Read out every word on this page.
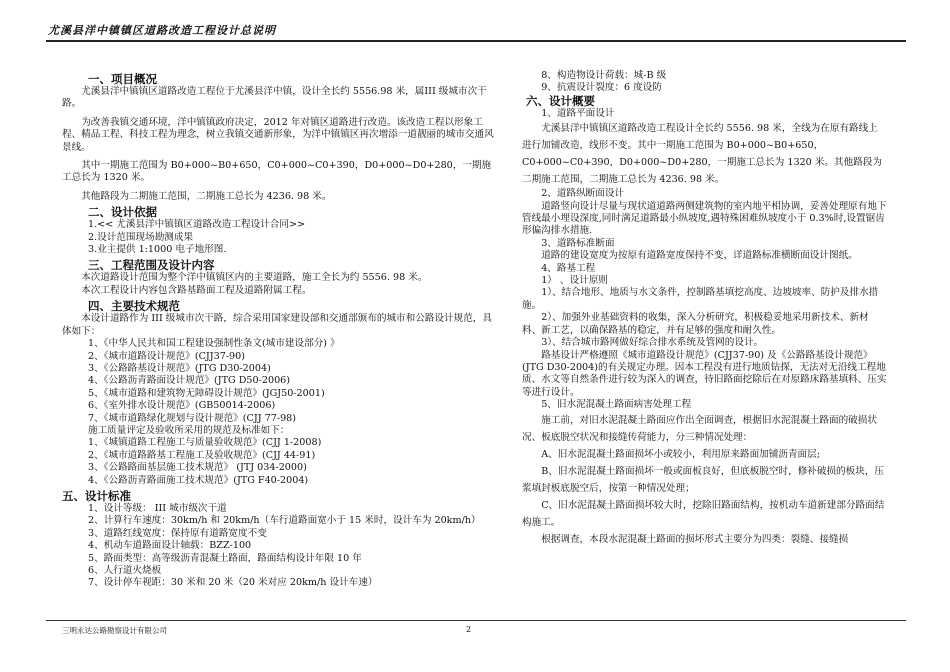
尤溪县洋中镇镇区道路改造工程设计总说明
一、项目概况

尤溪县洋中镇镇区道路改造工程位于尤溪县洋中镇，设计全长约 5556.98 米，属III 级城市次干路。

为改善我镇交通环境，洋中镇镇政府决定，2012 年对镇区道路进行改造。该改造工程以形象工程、精品工程、科技工程为理念，树立我镇交通新形象，为洋中镇镇区再次增添一道靓丽的城市交通风景线。

其中一期施工范围为 B0+000~B0+650，C0+000~C0+390，D0+000~D0+280，一期施工总长为 1320 米。

其他路段为二期施工范围，二期施工总长为 4236. 98 米。

二、设计依据

1.<< 尤溪县洋中镇镇区道路改造工程设计合同>>

2.设计范围现场勘测成果

3.业主提供 1:1000 电子地形图.

三、工程范围及设计内容

本次道路设计范围为整个洋中镇镇区内的主要道路，施工全长为约 5556. 98 米。

本次工程设计内容包含路基路面工程及道路附属工程。

四、主要技术规范

本设计道路作为 III 级城市次干路，综合采用国家建设部和交通部颁布的城市和公路设计规范，具体如下：

1、《中华人民共和国工程建设强制性条文(城市建设部分) 》

2、《城市道路设计规范》(CJJ37-90)

3、《公路路基设计规范》(JTG D30-2004)

4、《公路沥青路面设计规范》(JTG D50-2006)

5、《城市道路和建筑物无障碍设计规范》(JGJ50-2001)

6、《室外排水设计规范》(GB50014-2006)

7、《城市道路绿化规划与设计规范》(CJJ 77-98)

施工质量评定及验收所采用的规范及标准如下：

1、《城镇道路工程施工与质量验收规范》(CJJ 1-2008)

2、《城市道路路基工程施工及验收规范》(CJJ 44-91)

3、《公路路面基层施工技术规范》 (JTJ 034-2000)

4、《公路沥青路面施工技术规范》(JTG F40-2004)

五、设计标准

1、设计等级： III 城市级次干道

2、计算行车速度：30km/h 和 20km/h（车行道路面宽小于 15 米时，设计车为 20km/h）

3、道路红线宽度：保持原有道路宽度不变

4、机动车道路面设计轴载：BZZ-100

5、路面类型：高等级沥青混凝土路面，路面结构设计年限 10 年

6、人行道火烧板

7、设计停车视距：30 米和 20 米（20 米对应 20km/h 设计车速）

8、构造物设计荷载：城-B 级

9、抗震设计裂度：6 度设防

六、设计概要

1、道路平面设计

尤溪县洋中镇镇区道路改造工程设计全长约 5556. 98 米，全线为在原有路线上进行加铺改造，线形不变。其中一期施工范围为 B0+000~B0+650，C0+000~C0+390，D0+000~D0+280，一期施工总长为 1320 米。其他路段为二期施工范围，二期施工总长为 4236. 98 米。

2、道路纵断面设计

道路竖向设计尽量与现状道道路两侧建筑物的室内地平相协调，妥善处理原有地下管线最小埋设深度,同时满足道路最小纵坡度,遇特殊困难纵坡度小于 0.3%时,设置锯齿形偏沟排水措施.

3、道路标准断面

道路的建设宽度为按原有道路宽度保持不变，详道路标准横断面设计图纸。

4、路基工程

1） 、设计原则

1）、结合地形、地质与水文条件，控制路基填挖高度、边坡坡率、防护及排水措施。

2）、加强外业基础资料的收集，深入分析研究，积极稳妥地采用新技术、新材料、新工艺，以确保路基的稳定，并有足够的强度和耐久性。

3）、结合城市路网做好综合排水系统及管网的设计。

路基设计严格遵照《城市道路设计规范》(CJJ37-90) 及《公路路基设计规范》(JTG D30-2004)的有关规定办理。因本工程没有进行地质钻探，无法对无沿线工程地质、水文等自然条件进行较为深入的调查，待旧路面挖除后在对原路床路基填料、压实等进行设计。

5、旧水泥混凝土路面病害处理工程

施工前，对旧水泥混凝土路面应作出全面调查，根据旧水泥混凝土路面的破损状况、板底脱空状况和接缝传荷能力，分三种情况处理：

A、旧水泥混凝土路面损坏小或较小，利用原来路面加铺沥青面层;

B、旧水泥混凝土路面损坏一般或面板良好，但底板脱空时，修补破损的板块，压浆填封板底脱空后，按第一种情况处理；

C、旧水泥混凝土路面损坏较大时，挖除旧路面结构，按机动车道新建部分路面结构施工。

根据调查，本段水泥混凝土路面的损坏形式主要分为四类：裂缝、接缝损

三明永达公路勘察设计有限公司	2
